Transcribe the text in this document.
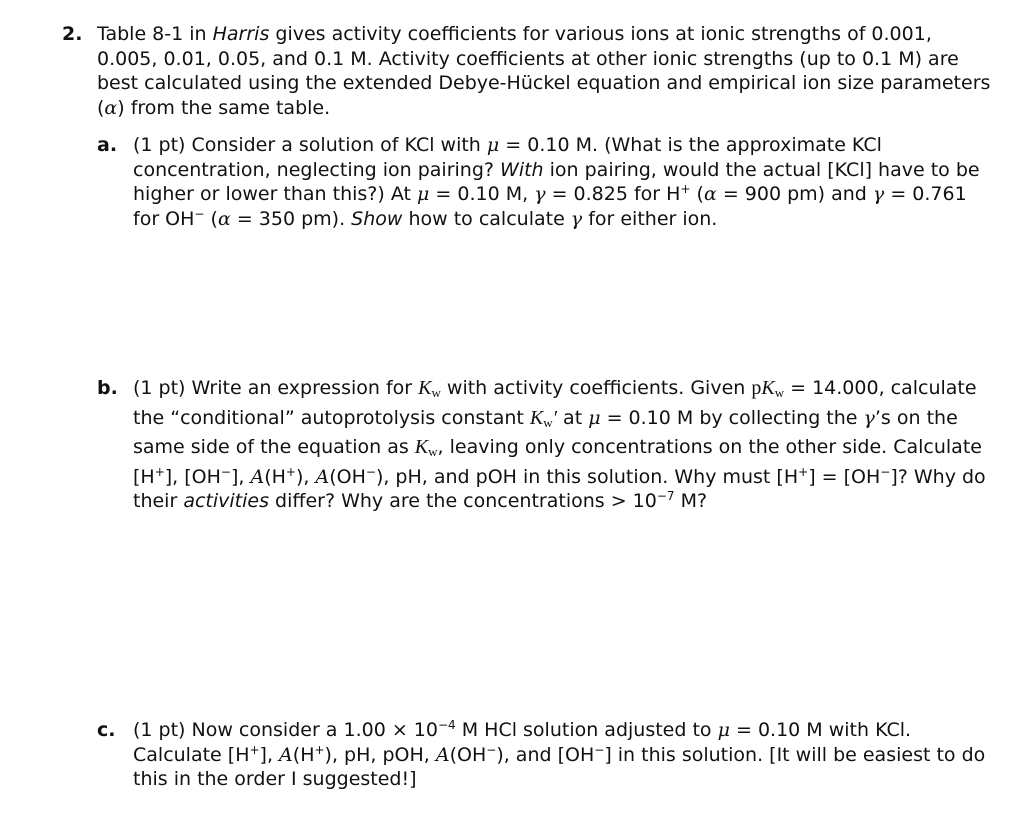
2. Table 8-1 in Harris gives activity coefficients for various ions at ionic strengths of 0.001, 0.005, 0.01, 0.05, and 0.1 M. Activity coefficients at other ionic strengths (up to 0.1 M) are best calculated using the extended Debye-Hückel equation and empirical ion size parameters (α) from the same table.
a. (1 pt) Consider a solution of KCl with μ = 0.10 M. (What is the approximate KCl concentration, neglecting ion pairing? With ion pairing, would the actual [KCl] have to be higher or lower than this?) At μ = 0.10 M, γ = 0.825 for H+ (α = 900 pm) and γ = 0.761 for OH− (α = 350 pm). Show how to calculate γ for either ion.
b. (1 pt) Write an expression for $K_w$ with activity coefficients. Given $pK_w = 14.000$, calculate the “conditional” autoprotolysis constant $K_w'$ at μ = 0.10 M by collecting the γ’s on the same side of the equation as $K_w$, leaving only concentrations on the other side. Calculate [H+], [OH−], A(H+), A(OH−), pH, and pOH in this solution. Why must [H+] = [OH−]? Why do their activities differ? Why are the concentrations > $10^{-7}$ M?
c. (1 pt) Now consider a $1.00 \times 10^{-4}$ M HCl solution adjusted to μ = 0.10 M with KCl. Calculate [H+], A(H+), pH, pOH, A(OH−), and [OH−] in this solution. [It will be easiest to do this in the order I suggested!]
